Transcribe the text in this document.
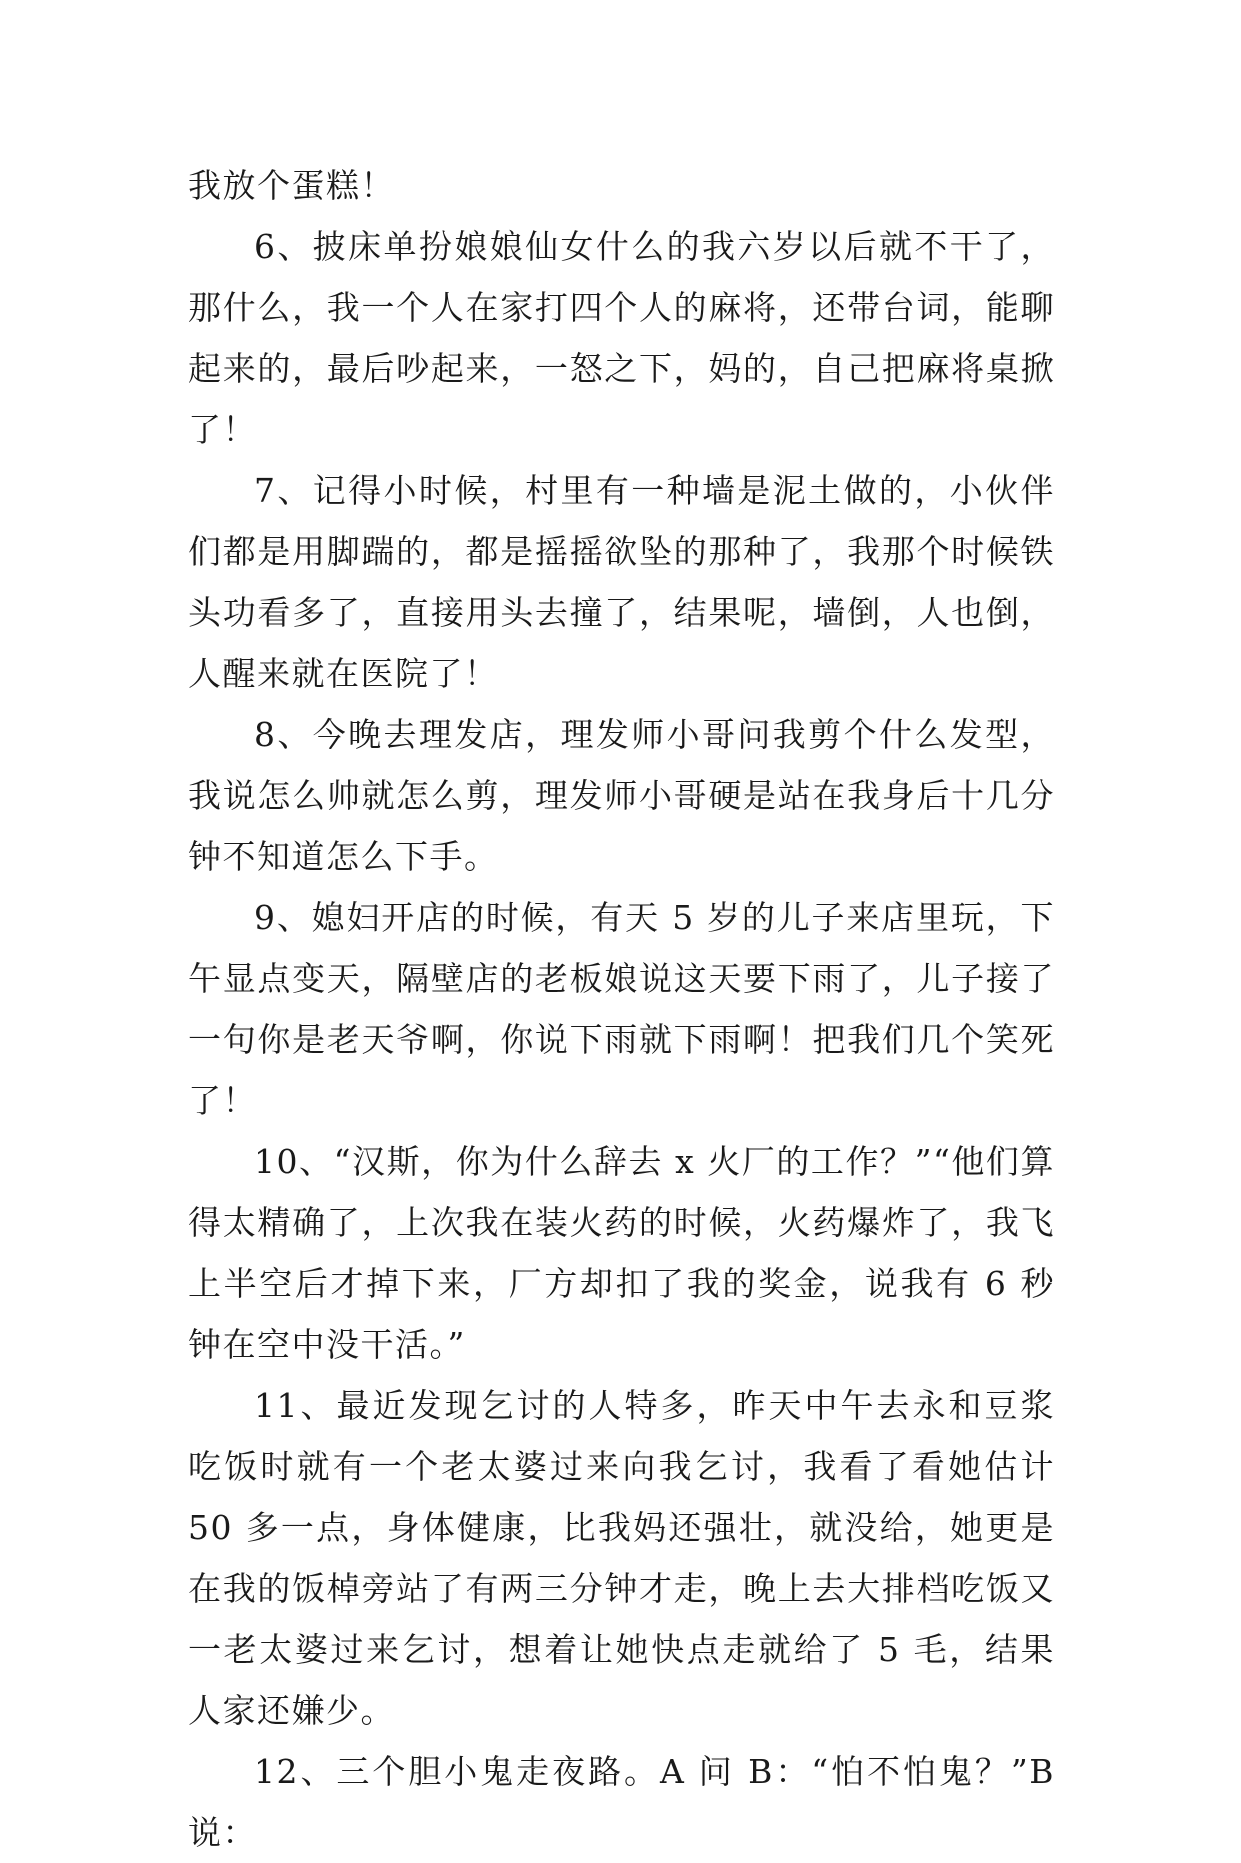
我放个蛋糕！

6、披床单扮娘娘仙女什么的我六岁以后就不干了，那什么，我一个人在家打四个人的麻将，还带台词，能聊起来的，最后吵起来，一怒之下，妈的，自己把麻将桌掀了！

7、记得小时候，村里有一种墙是泥土做的，小伙伴们都是用脚踹的，都是摇摇欲坠的那种了，我那个时候铁头功看多了，直接用头去撞了，结果呢，墙倒，人也倒，人醒来就在医院了！

8、今晚去理发店，理发师小哥问我剪个什么发型，我说怎么帅就怎么剪，理发师小哥硬是站在我身后十几分钟不知道怎么下手。

9、媳妇开店的时候，有天 5 岁的儿子来店里玩，下午显点变天，隔壁店的老板娘说这天要下雨了，儿子接了一句你是老天爷啊，你说下雨就下雨啊！把我们几个笑死了！

10、“汉斯，你为什么辞去 x 火厂的工作？”“他们算得太精确了，上次我在装火药的时候，火药爆炸了，我飞上半空后才掉下来，厂方却扣了我的奖金，说我有 6 秒钟在空中没干活。”

11、最近发现乞讨的人特多，昨天中午去永和豆浆吃饭时就有一个老太婆过来向我乞讨，我看了看她估计 50 多一点，身体健康，比我妈还强壮，就没给，她更是在我的饭棹旁站了有两三分钟才走，晚上去大排档吃饭又一老太婆过来乞讨，想着让她快点走就给了 5 毛，结果人家还嫌少。

12、三个胆小鬼走夜路。A 问 B：“怕不怕鬼？”B 说：
